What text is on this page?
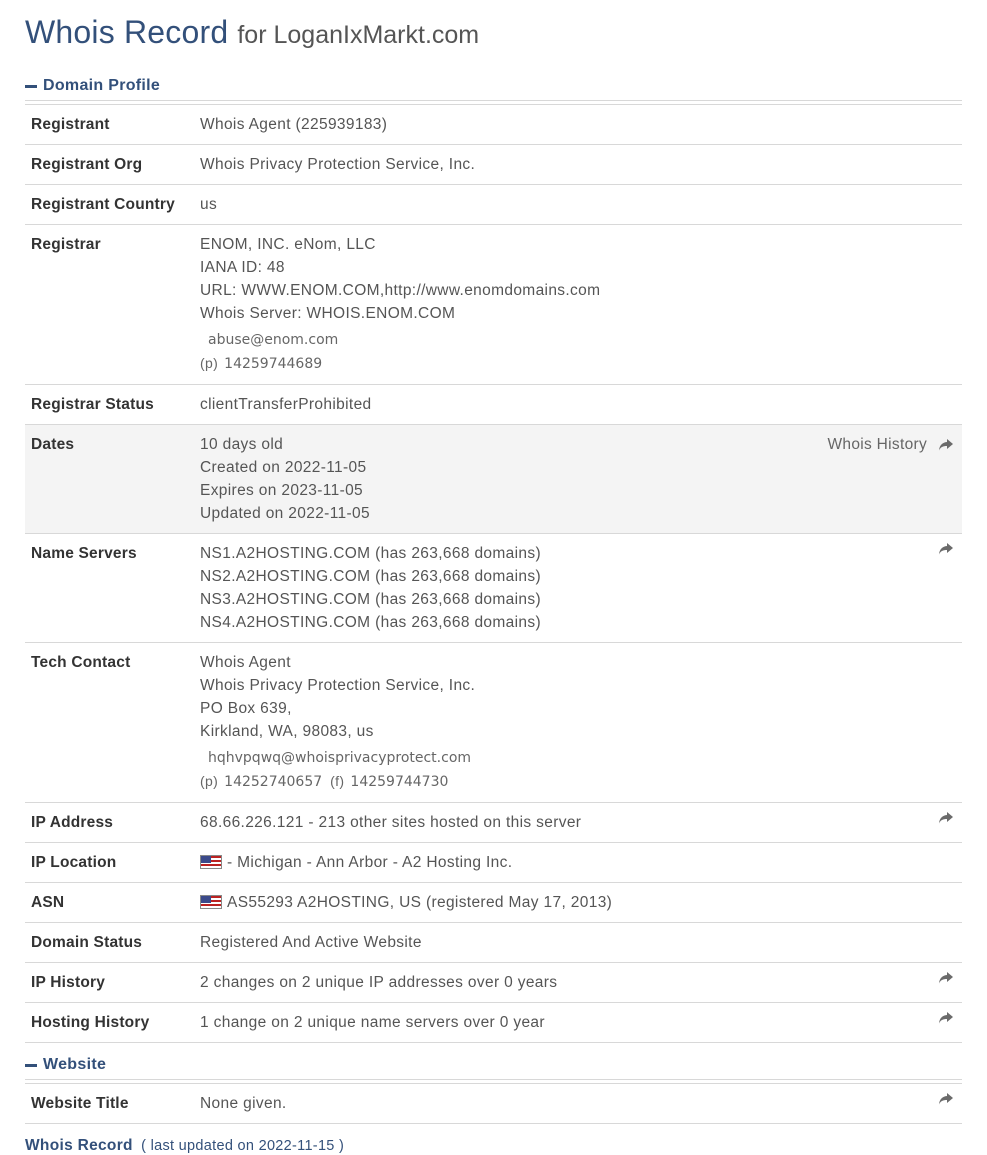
Whois Record for LoganIxMarkt.com
Domain Profile
Registrant	Whois Agent (225939183)
Registrant Org	Whois Privacy Protection Service, Inc.
Registrant Country	us
Registrar	ENOM, INC. eNom, LLC
IANA ID: 48
URL: WWW.ENOM.COM,http://www.enomdomains.com
Whois Server: WHOIS.ENOM.COM
abuse@enom.com
(p) 14259744689
Registrar Status	clientTransferProhibited
Dates	10 days old
Created on 2022-11-05
Expires on 2023-11-05
Updated on 2022-11-05
Whois History
Name Servers	NS1.A2HOSTING.COM (has 263,668 domains)
NS2.A2HOSTING.COM (has 263,668 domains)
NS3.A2HOSTING.COM (has 263,668 domains)
NS4.A2HOSTING.COM (has 263,668 domains)
Tech Contact	Whois Agent
Whois Privacy Protection Service, Inc.
PO Box 639,
Kirkland, WA, 98083, us
hqhvpqwq@whoisprivacyprotect.com
(p) 14252740657 (f) 14259744730
IP Address	68.66.226.121 - 213 other sites hosted on this server
IP Location	- Michigan - Ann Arbor - A2 Hosting Inc.
ASN	AS55293 A2HOSTING, US (registered May 17, 2013)
Domain Status	Registered And Active Website
IP History	2 changes on 2 unique IP addresses over 0 years
Hosting History	1 change on 2 unique name servers over 0 year
Website
Website Title	None given.
Whois Record ( last updated on 2022-11-15 )
